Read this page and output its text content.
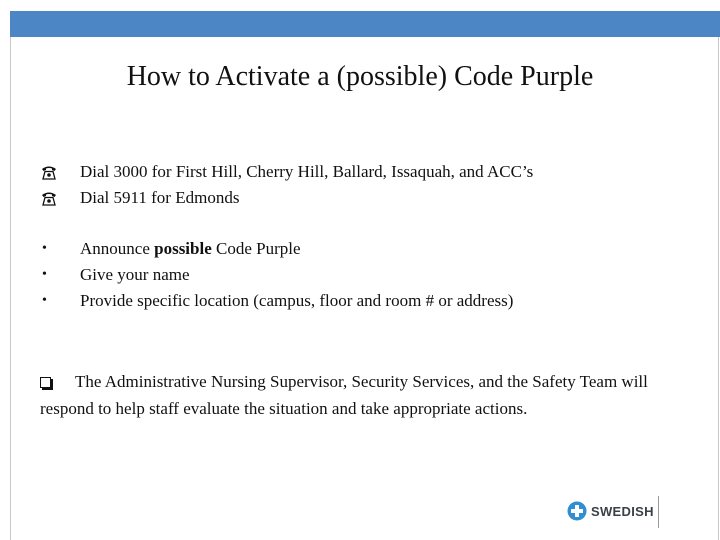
How to Activate a (possible) Code Purple
Dial 3000 for First Hill, Cherry Hill, Ballard, Issaquah, and ACC’s
Dial 5911 for Edmonds
• Announce possible Code Purple
• Give your name
• Provide specific location (campus, floor and room # or address)

The Administrative Nursing Supervisor, Security Services, and the Safety Team will respond to help staff evaluate the situation and take appropriate actions.

SWEDISH
